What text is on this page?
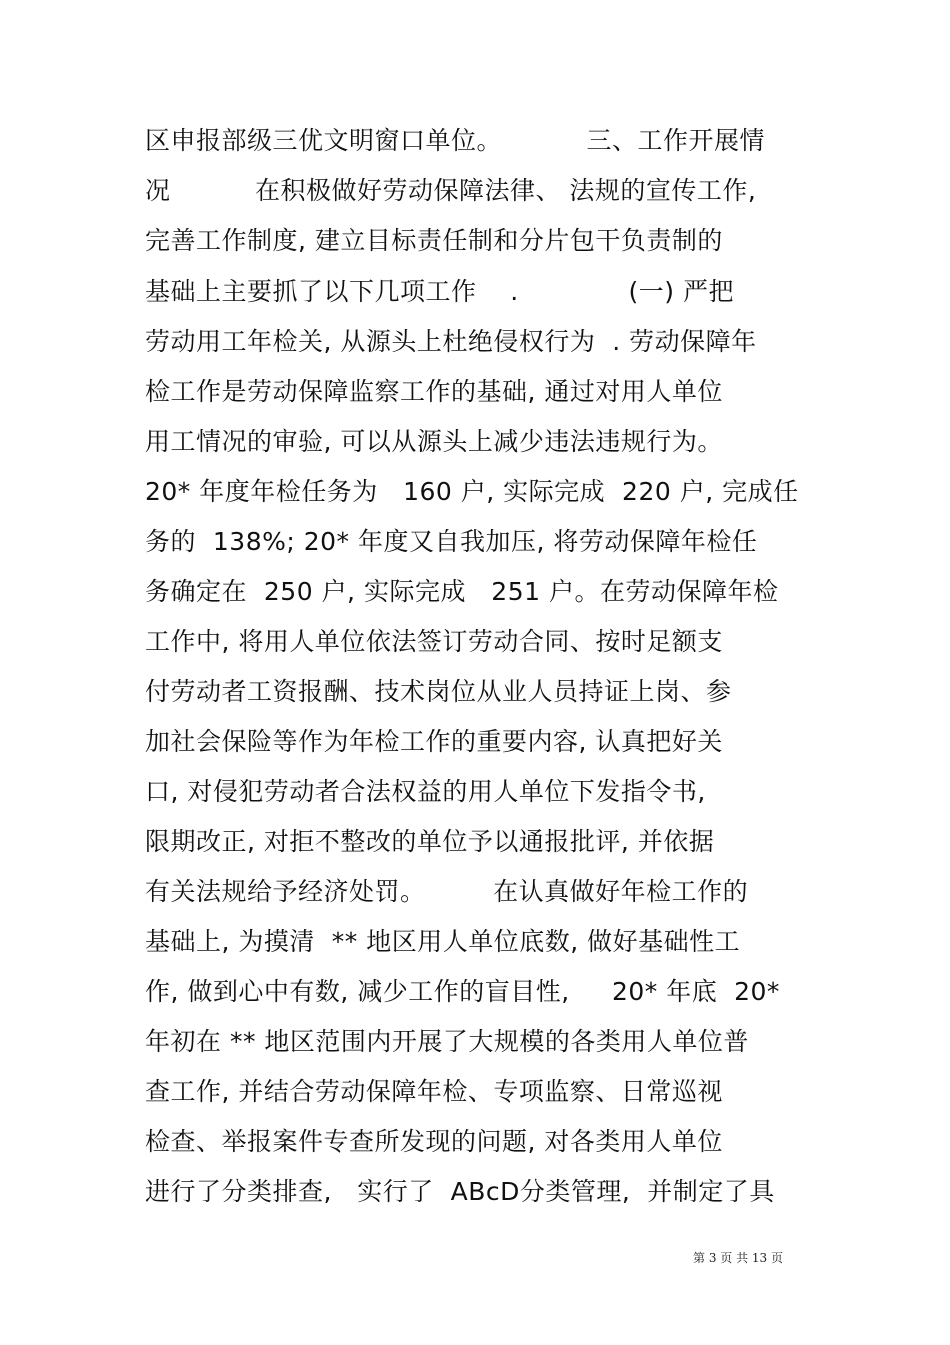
区申报部级三优文明窗口单位。          三、工作开展情
况          在积极做好劳动保障法律、 法规的宣传工作,
完善工作制度, 建立目标责任制和分片包干负责制的
基础上主要抓了以下几项工作    .             (一) 严把
劳动用工年检关, 从源头上杜绝侵权行为  . 劳动保障年
检工作是劳动保障监察工作的基础, 通过对用人单位
用工情况的审验, 可以从源头上减少违法违规行为。
20* 年度年检任务为   160 户, 实际完成  220 户, 完成任
务的  138%; 20* 年度又自我加压, 将劳动保障年检任
务确定在  250 户, 实际完成   251 户。在劳动保障年检
工作中, 将用人单位依法签订劳动合同、按时足额支
付劳动者工资报酬、技术岗位从业人员持证上岗、参
加社会保险等作为年检工作的重要内容, 认真把好关
口, 对侵犯劳动者合法权益的用人单位下发指令书,
限期改正, 对拒不整改的单位予以通报批评, 并依据
有关法规给予经济处罚。        在认真做好年检工作的
基础上, 为摸清  ** 地区用人单位底数, 做好基础性工
作, 做到心中有数, 减少工作的盲目性,     20* 年底  20*
年初在 ** 地区范围内开展了大规模的各类用人单位普
查工作, 并结合劳动保障年检、专项监察、日常巡视
检查、举报案件专查所发现的问题, 对各类用人单位
进行了分类排查,   实行了  ABcD分类管理,  并制定了具
第 3 页 共 13 页
